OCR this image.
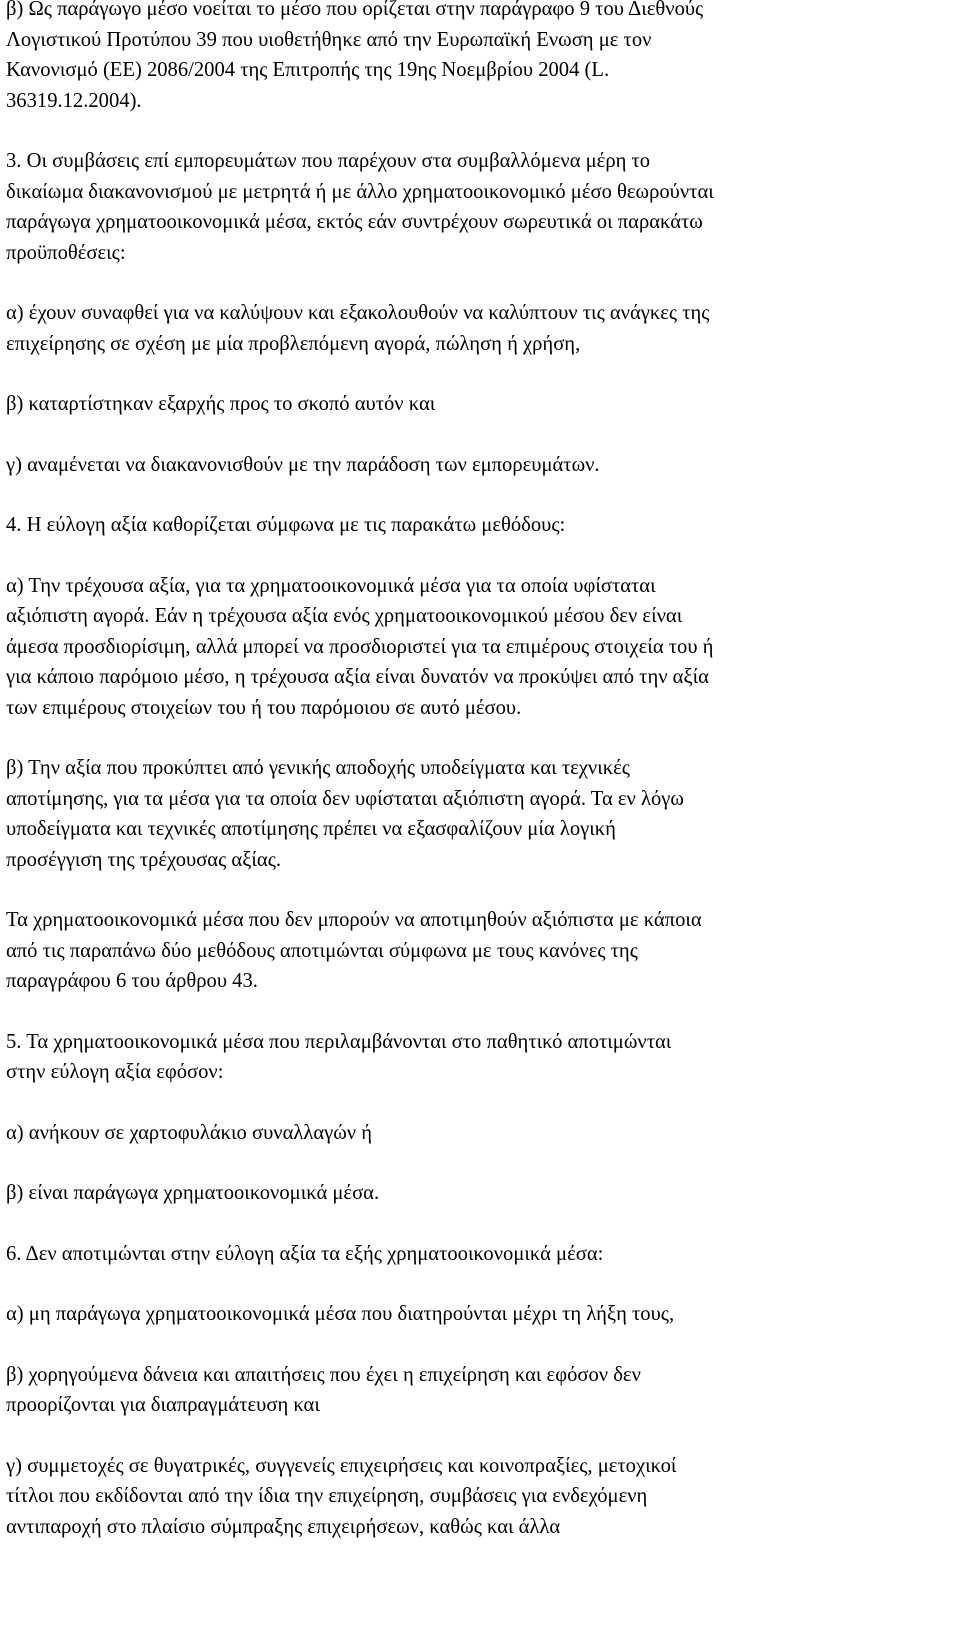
β) Ως παράγωγο μέσο νοείται το μέσο που ορίζεται στην παράγραφο 9 του Διεθνούς
Λογιστικού Προτύπου 39 που υιοθετήθηκε από την Ευρωπαϊκή Ενωση με τον
Κανονισμό (ΕΕ) 2086/2004 της Επιτροπής της 19ης Νοεμβρίου 2004 (L.
36319.12.2004).

3. Οι συμβάσεις επί εμπορευμάτων που παρέχουν στα συμβαλλόμενα μέρη το
δικαίωμα διακανονισμού με μετρητά ή με άλλο χρηματοοικονομικό μέσο θεωρούνται
παράγωγα χρηματοοικονομικά μέσα, εκτός εάν συντρέχουν σωρευτικά οι παρακάτω
προϋποθέσεις:

α) έχουν συναφθεί για να καλύψουν και εξακολουθούν να καλύπτουν τις ανάγκες της
επιχείρησης σε σχέση με μία προβλεπόμενη αγορά, πώληση ή χρήση,

β) καταρτίστηκαν εξαρχής προς το σκοπό αυτόν και

γ) αναμένεται να διακανονισθούν με την παράδοση των εμπορευμάτων.

4. Η εύλογη αξία καθορίζεται σύμφωνα με τις παρακάτω μεθόδους:

α) Την τρέχουσα αξία, για τα χρηματοοικονομικά μέσα για τα οποία υφίσταται
αξιόπιστη αγορά. Εάν η τρέχουσα αξία ενός χρηματοοικονομικού μέσου δεν είναι
άμεσα προσδιορίσιμη, αλλά μπορεί να προσδιοριστεί για τα επιμέρους στοιχεία του ή
για κάποιο παρόμοιο μέσο, η τρέχουσα αξία είναι δυνατόν να προκύψει από την αξία
των επιμέρους στοιχείων του ή του παρόμοιου σε αυτό μέσου.

β) Την αξία που προκύπτει από γενικής αποδοχής υποδείγματα και τεχνικές
αποτίμησης, για τα μέσα για τα οποία δεν υφίσταται αξιόπιστη αγορά. Τα εν λόγω
υποδείγματα και τεχνικές αποτίμησης πρέπει να εξασφαλίζουν μία λογική
προσέγγιση της τρέχουσας αξίας.

Τα χρηματοοικονομικά μέσα που δεν μπορούν να αποτιμηθούν αξιόπιστα με κάποια
από τις παραπάνω δύο μεθόδους αποτιμώνται σύμφωνα με τους κανόνες της
παραγράφου 6 του άρθρου 43.

5. Τα χρηματοοικονομικά μέσα που περιλαμβάνονται στο παθητικό αποτιμώνται
στην εύλογη αξία εφόσον:

α) ανήκουν σε χαρτοφυλάκιο συναλλαγών ή

β) είναι παράγωγα χρηματοοικονομικά μέσα.

6. Δεν αποτιμώνται στην εύλογη αξία τα εξής χρηματοοικονομικά μέσα:

α) μη παράγωγα χρηματοοικονομικά μέσα που διατηρούνται μέχρι τη λήξη τους,

β) χορηγούμενα δάνεια και απαιτήσεις που έχει η επιχείρηση και εφόσον δεν
προορίζονται για διαπραγμάτευση και

γ) συμμετοχές σε θυγατρικές, συγγενείς επιχειρήσεις και κοινοπραξίες, μετοχικοί
τίτλοι που εκδίδονται από την ίδια την επιχείρηση, συμβάσεις για ενδεχόμενη
αντιπαροχή στο πλαίσιο σύμπραξης επιχειρήσεων, καθώς και άλλα
